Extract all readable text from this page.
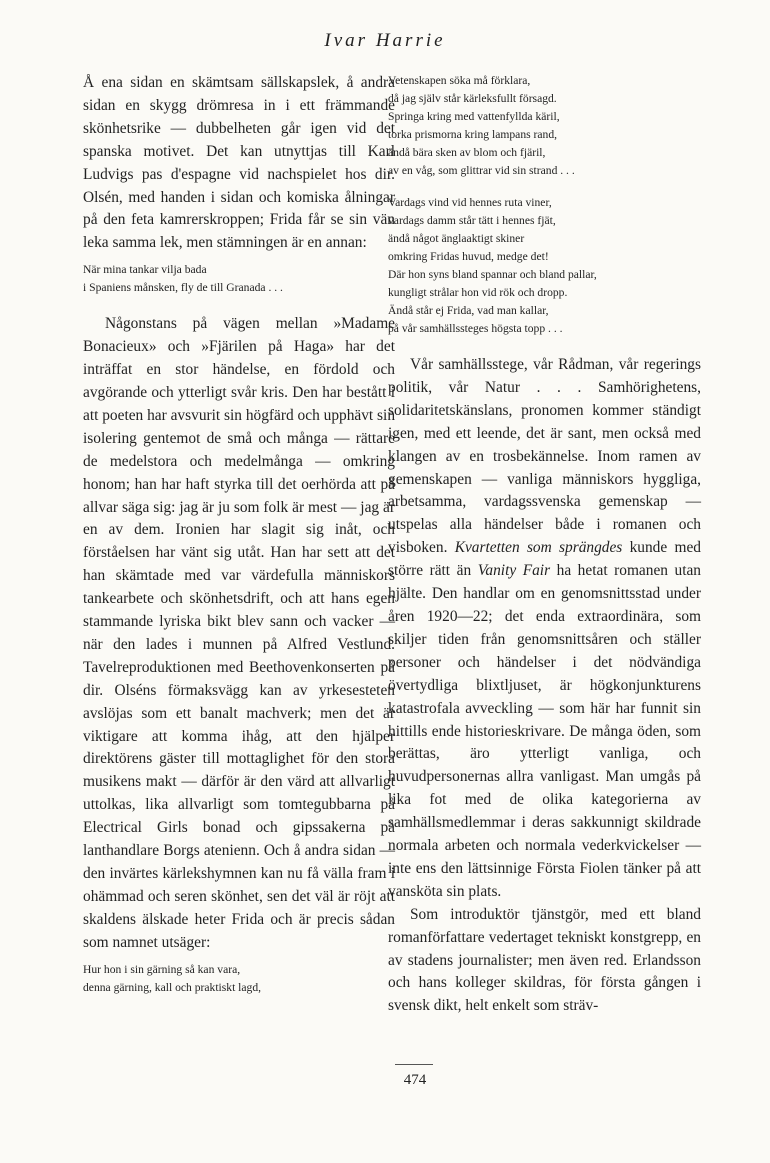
Ivar Harrie

Å ena sidan en skämtsam sällskapslek, å andra sidan en skygg drömresa in i ett främmande skönhetsrike — dubbelheten går igen vid det spanska motivet. Det kan utnyttjas till Karl Ludvigs pas d'espagne vid nachspielet hos dir. Olsén, med handen i sidan och komiska ålningar på den feta kamrerskroppen; Frida får se sin vän leka samma lek, men stämningen är en annan:

När mina tankar vilja bada
i Spaniens månsken, fly de till Granada . . .

Någonstans på vägen mellan »Madame Bonacieux» och »Fjärilen på Haga» har det inträffat en stor händelse, en fördold och avgörande och ytterligt svår kris. Den har bestått i att poeten har avsvurit sin högfärd och upphävt sin isolering gentemot de små och många — rättare de medelstora och medelmånga — omkring honom; han har haft styrka till det oerhörda att på allvar säga sig: jag är ju som folk är mest — jag är en av dem. Ironien har slagit sig inåt, och förståelsen har vänt sig utåt. Han har sett att det han skämtade med var värdefulla människors tankearbete och skönhetsdrift, och att hans egen stammande lyriska bikt blev sann och vacker — när den lades i munnen på Alfred Vestlund. Tavelreproduktionen med Beethovenkonserten på dir. Olséns förmaksvägg kan av yrkesesteten avslöjas som ett banalt machverk; men det är viktigare att komma ihåg, att den hjälper direktörens gäster till mottaglighet för den stora musikens makt — därför är den värd att allvarligt uttolkas, lika allvarligt som tomtegubbarna på Electrical Girls bonad och gipssakerna på lanthandlare Borgs atenienn. Och å andra sidan — den invärtes kärlekshymnen kan nu få välla fram i ohämmad och seren skönhet, sen det väl är röjt att skaldens älskade heter Frida och är precis sådan som namnet utsäger:

Hur hon i sin gärning så kan vara,
denna gärning, kall och praktiskt lagd,
Vetenskapen söka må förklara,
då jag själv står kärleksfullt försagd.
Springa kring med vattenfyllda käril,
torka prismorna kring lampans rand,
ändå bära sken av blom och fjäril,
av en våg, som glittrar vid sin strand . . .
Vardags vind vid hennes ruta viner,
vardags damm står tätt i hennes fjät,
ändå något änglaaktigt skiner
omkring Fridas huvud, medge det!
Där hon syns bland spannar och bland pallar,
kungligt strålar hon vid rök och dropp.
Ändå står ej Frida, vad man kallar,
på vår samhällssteges högsta topp . . .

Vår samhällsstege, vår Rådman, vår regerings politik, vår Natur . . . Samhörighetens, solidaritetskänslans, pronomen kommer ständigt igen, med ett leende, det är sant, men också med klangen av en trosbekännelse. Inom ramen av gemenskapen — vanliga människors hyggliga, arbetsamma, vardagssvenska gemenskap — utspelas alla händelser både i romanen och visboken. Kvartetten som sprängdes kunde med större rätt än Vanity Fair ha hetat romanen utan hjälte. Den handlar om en genomsnittsstad under åren 1920—22; det enda extraordinära, som skiljer tiden från genomsnittsåren och ställer personer och händelser i det nödvändiga övertydliga blixtljuset, är högkonjunkturens katastrofala avveckling — som här har funnit sin hittills ende historieskrivare. De många öden, som berättas, äro ytterligt vanliga, och huvudpersonernas allra vanligast. Man umgås på lika fot med de olika kategorierna av samhällsmedlemmar i deras sakkunnigt skildrade normala arbeten och normala vederkvickelser — inte ens den lättsinnige Första Fiolen tänker på att vansköta sin plats.

Som introduktör tjänstgör, med ett bland romanförfattare vedertaget tekniskt konstgrepp, en av stadens journalister; men även red. Erlandsson och hans kolleger skildras, för första gången i svensk dikt, helt enkelt som sträv-

474
